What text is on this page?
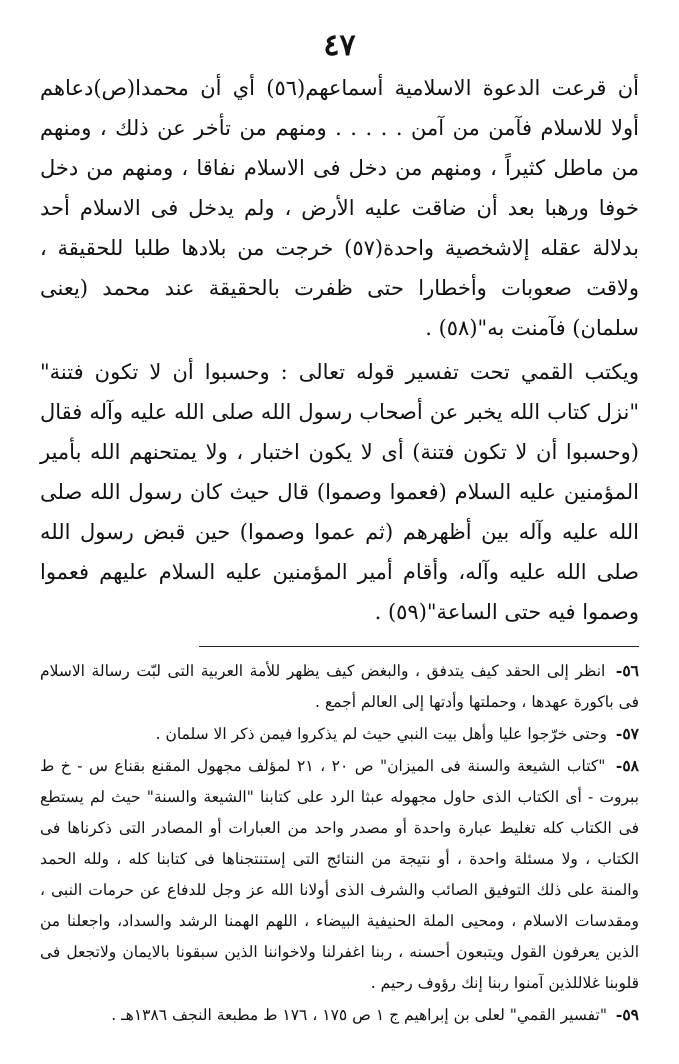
٤٧

أن قرعت الدعوة الاسلامية أسماعهم(٥٦) أي أن محمدا(ص)دعاهم أولا للاسلام فآمن من آمن . . . . . ومنهم من تأخر عن ذلك ، ومنهم من ماطل كثيراً ، ومنهم من دخل فى الاسلام نفاقا ، ومنهم من دخل خوفا ورهبا بعد أن ضاقت عليه الأرض ، ولم يدخل فى الاسلام أحد بدلالة عقله إلاشخصية واحدة(٥٧) خرجت من بلادها طلبا للحقيقة ، ولاقت صعوبات وأخطارا حتى ظفرت بالحقيقة عند محمد (يعنى سلمان) فآمنت به"(٥٨) .

ويكتب القمي تحت تفسير قوله تعالى : وحسبوا أن لا تكون فتنة" "نزل كتاب الله يخبر عن أصحاب رسول الله صلى الله عليه وآله فقال (وحسبوا أن لا تكون فتنة) أى لا يكون اختبار ، ولا يمتحنهم الله بأمير المؤمنين عليه السلام (فعموا وصموا) قال حيث كان رسول الله صلى الله عليه وآله بين أظهرهم (ثم عموا وصموا) حين قبض رسول الله صلى الله عليه وآله، وأقام أمير المؤمنين عليه السلام عليهم فعموا وصموا فيه حتى الساعة"(٥٩) .

٥٦- انظر إلى الحقد كيف يتدفق ، والبغض كيف يظهر للأمة العربية التى لبّت رسالة الاسلام فى باكورة عهدها ، وحملتها وأدتها إلى العالم أجمع .

٥٧- وحتى خرّجوا عليا وأهل بيت النبي حيث لم يذكروا فيمن ذكر الا سلمان .

٥٨- "كتاب الشيعة والسنة فى الميزان" ص ٢٠ ، ٢١ لمؤلف مجهول المقنع بقناع س - خ ط ببروت - أى الكتاب الذى حاول مجهوله عبثا الرد على كتابنا "الشيعة والسنة" حيث لم يستطع فى الكتاب كله تغليط عبارة واحدة أو مصدر واحد من العبارات أو المصادر التى ذكرناها فى الكتاب ، ولا مسئلة واحدة ، أو نتيجة من النتائج التى إستنتجناها فى كتابنا كله ، ولله الحمد والمنة على ذلك التوفيق الصائب والشرف الذى أولانا الله عز وجل للدفاع عن حرمات النبى ، ومقدسات الاسلام ، ومحيى الملة الحنيفية البيضاء ، اللهم الهمنا الرشد والسداد، واجعلنا من الذين يعرفون القول ويتبعون أحسنه ، ربنا اغفرلنا ولاخواننا الذين سبقونا بالايمان ولاتجعل فى قلوبنا غلاللذين آمنوا ربنا إنك رؤوف رحيم .

٥٩- "تفسير القمي" لعلى بن إبراهيم ج ١ ص ١٧٥ ، ١٧٦ ط مطبعة النجف ١٣٨٦هـ .
